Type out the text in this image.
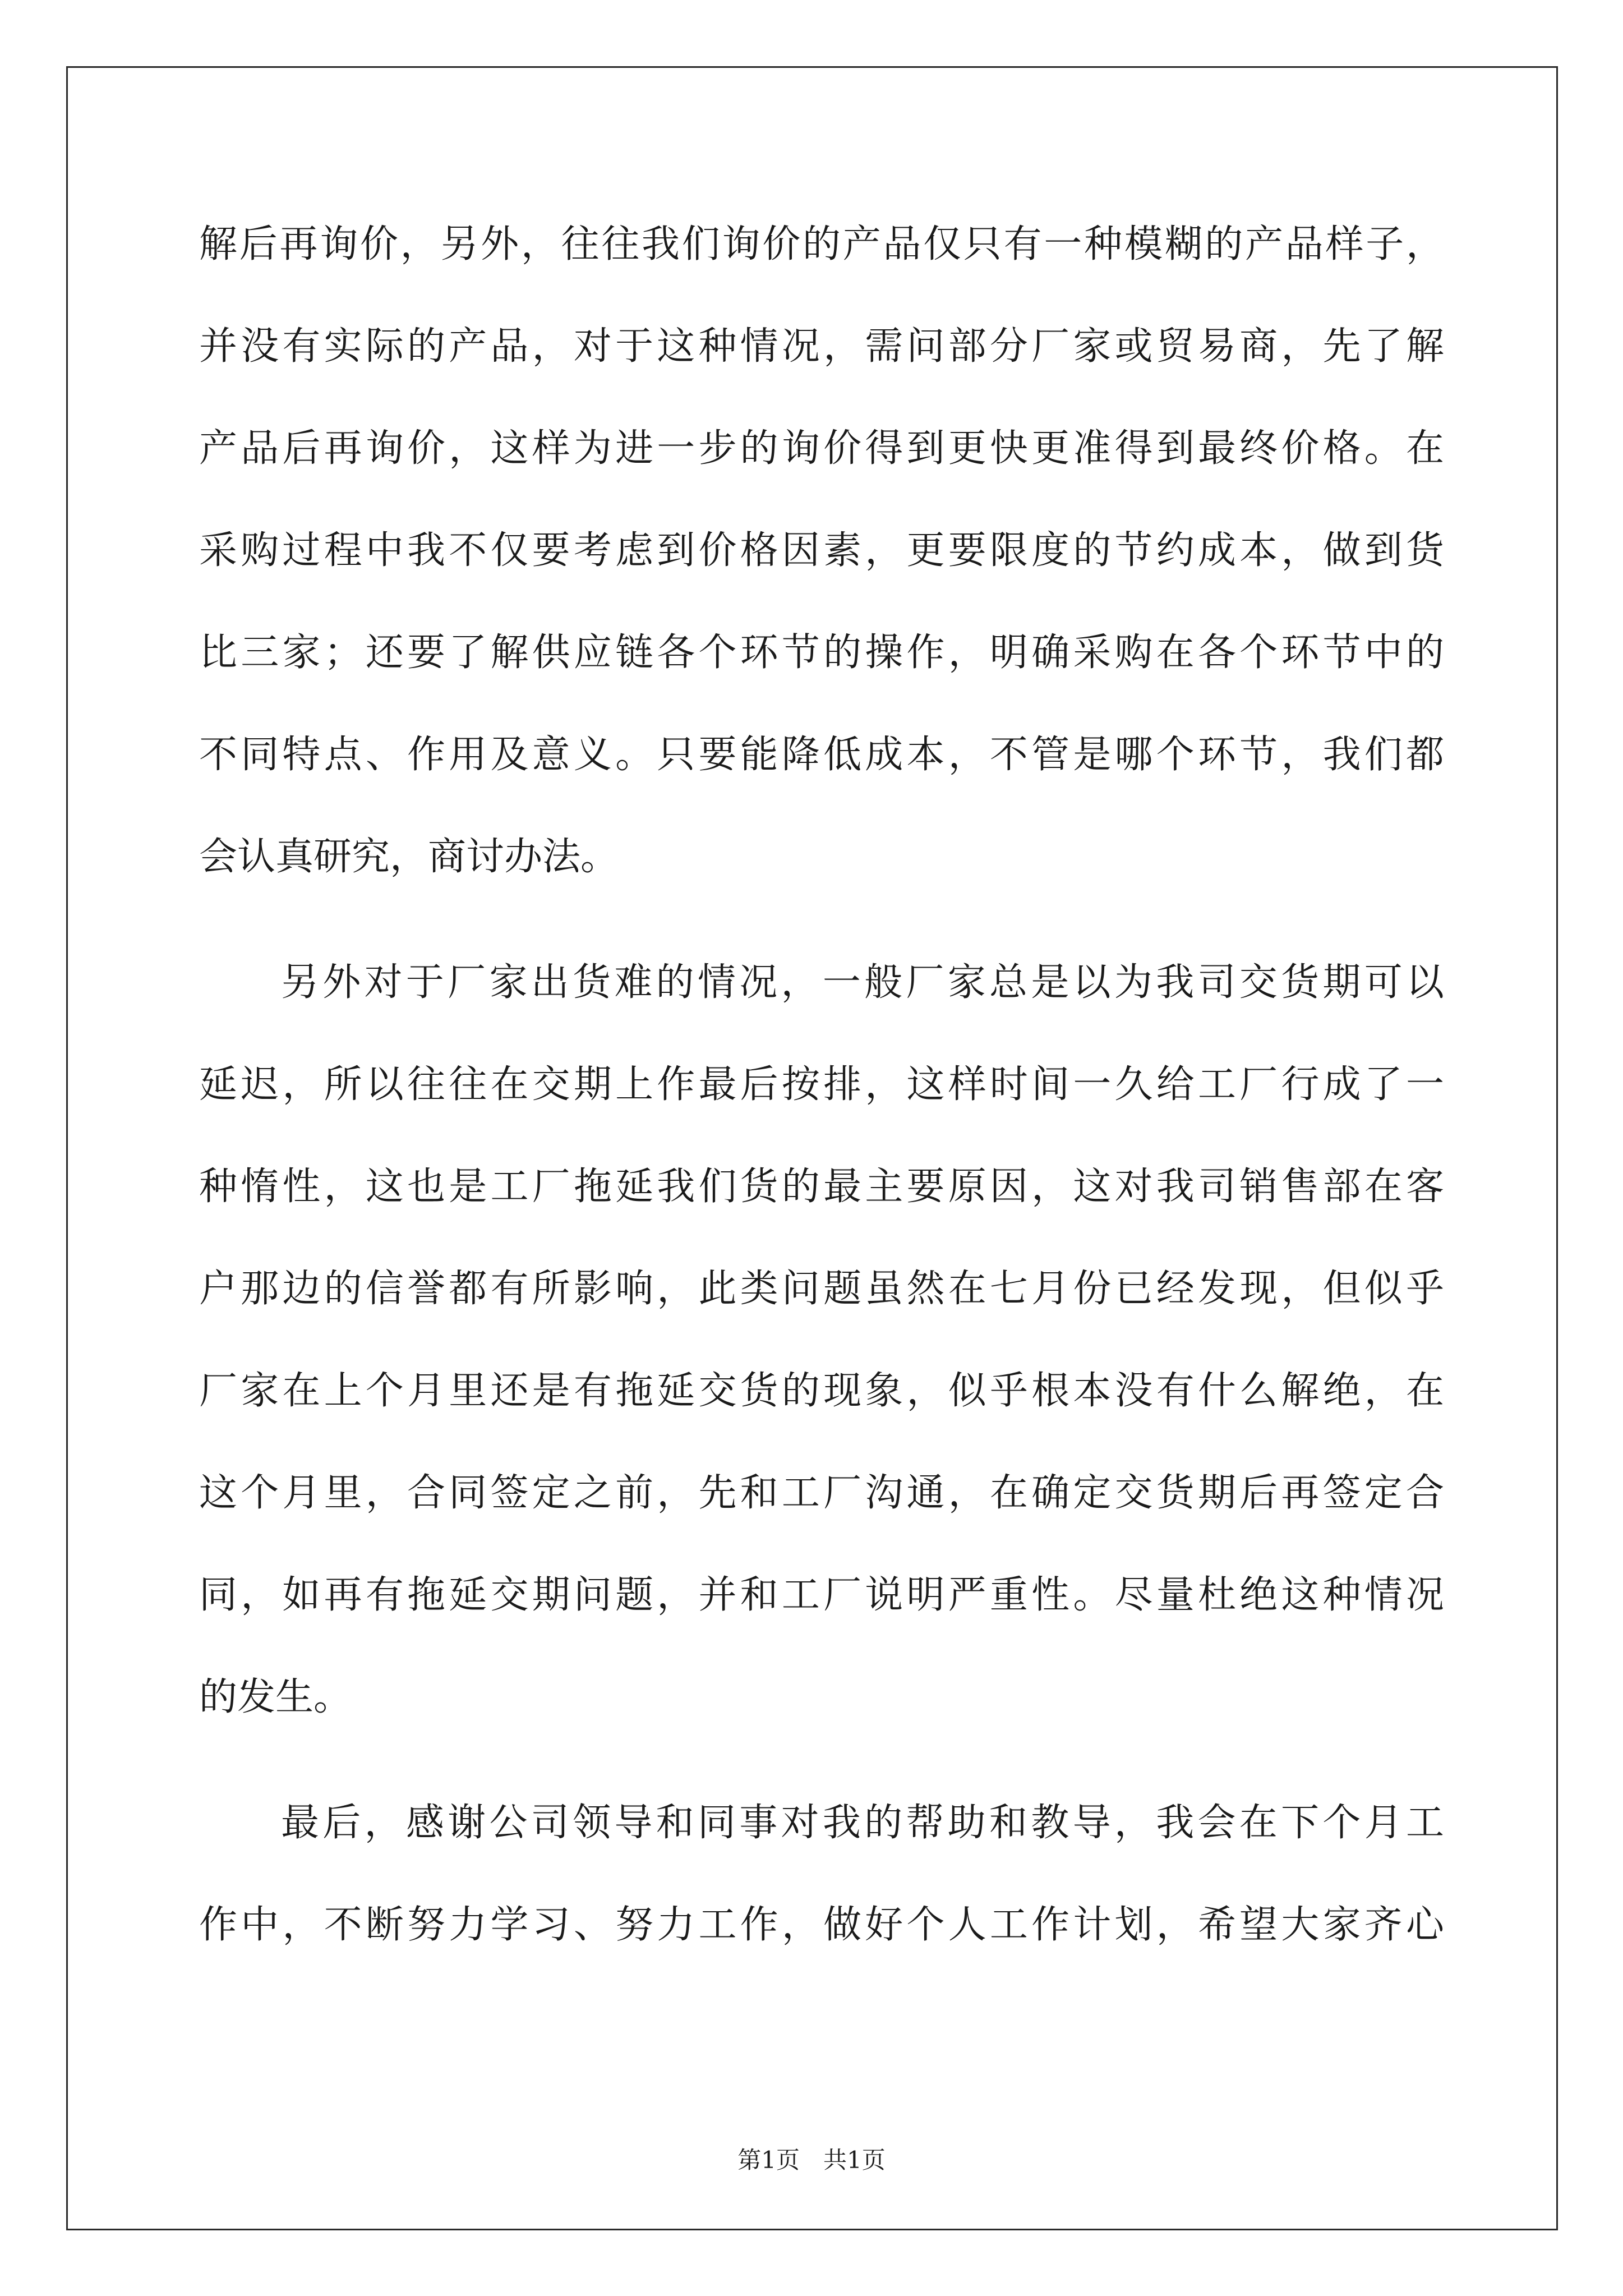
解后再询价，另外，往往我们询价的产品仅只有一种模糊的产品样子，
并没有实际的产品，对于这种情况，需问部分厂家或贸易商，先了解
产品后再询价，这样为进一步的询价得到更快更准得到最终价格。在
采购过程中我不仅要考虑到价格因素，更要限度的节约成本，做到货
比三家；还要了解供应链各个环节的操作，明确采购在各个环节中的
不同特点、作用及意义。只要能降低成本，不管是哪个环节，我们都
会认真研究，商讨办法。
另外对于厂家出货难的情况，一般厂家总是以为我司交货期可以
延迟，所以往往在交期上作最后按排，这样时间一久给工厂行成了一
种惰性，这也是工厂拖延我们货的最主要原因，这对我司销售部在客
户那边的信誉都有所影响，此类问题虽然在七月份已经发现，但似乎
厂家在上个月里还是有拖延交货的现象，似乎根本没有什么解绝，在
这个月里，合同签定之前，先和工厂沟通，在确定交货期后再签定合
同，如再有拖延交期问题，并和工厂说明严重性。尽量杜绝这种情况
的发生。
最后，感谢公司领导和同事对我的帮助和教导，我会在下个月工
作中，不断努力学习、努力工作，做好个人工作计划，希望大家齐心
第1页　共1页
